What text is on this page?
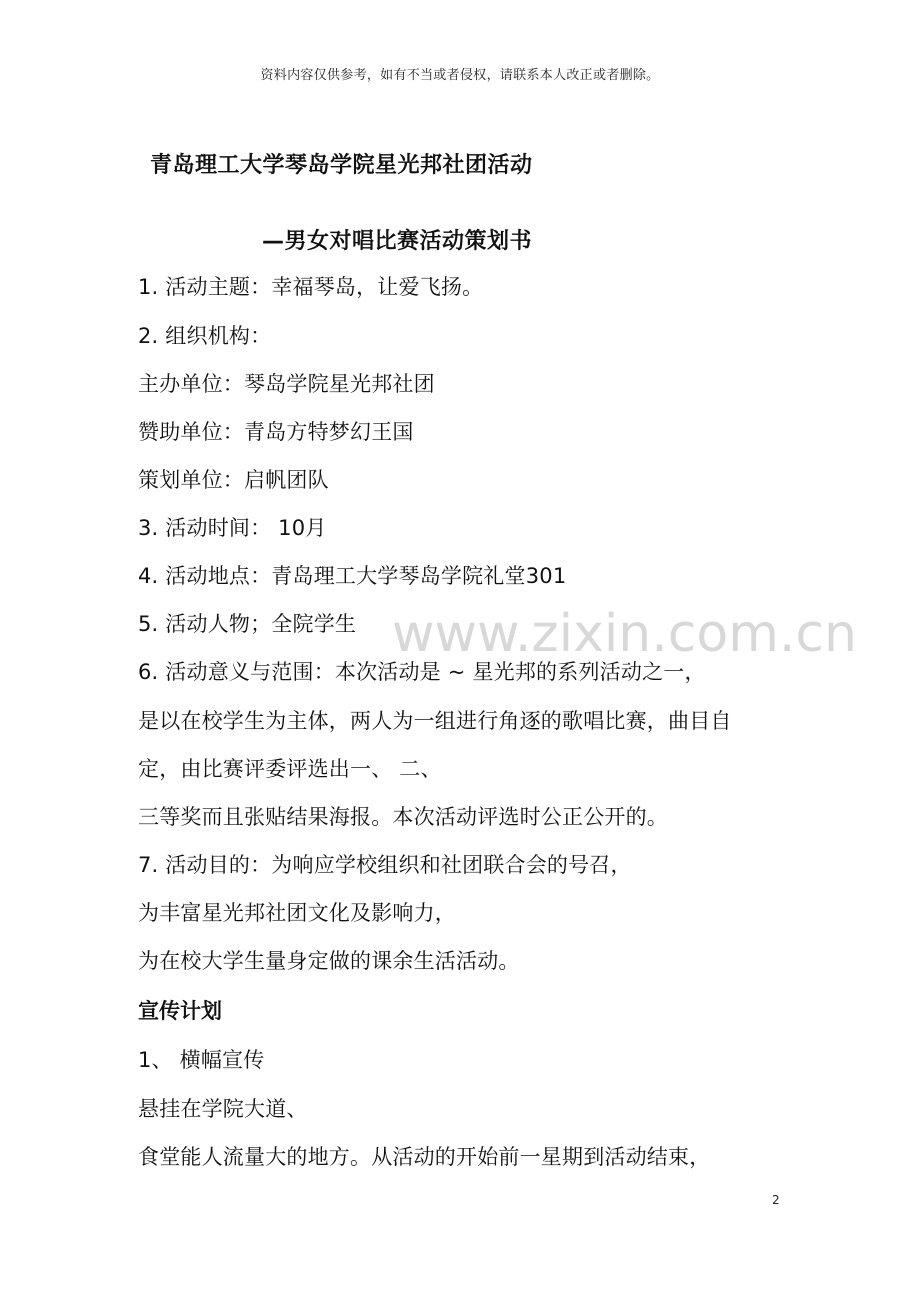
www.zixin.com.cn
资料内容仅供参考，如有不当或者侵权，请联系本人改正或者删除。
青岛理工大学琴岛学院星光邦社团活动
—男女对唱比赛活动策划书
1. 活动主题：幸福琴岛，让爱飞扬。
2. 组织机构：
主办单位：琴岛学院星光邦社团
赞助单位：青岛方特梦幻王国
策划单位：启帆团队
3. 活动时间： 10月
4. 活动地点：青岛理工大学琴岛学院礼堂301
5. 活动人物；全院学生
6. 活动意义与范围：本次活动是 ~ 星光邦的系列活动之一，
是以在校学生为主体，两人为一组进行角逐的歌唱比赛，曲目自
定，由比赛评委评选出一、 二、
三等奖而且张贴结果海报。本次活动评选时公正公开的。
7. 活动目的：为响应学校组织和社团联合会的号召，
为丰富星光邦社团文化及影响力，
为在校大学生量身定做的课余生活活动。
宣传计划
1、 横幅宣传
悬挂在学院大道、
食堂能人流量大的地方。从活动的开始前一星期到活动结束，
2
